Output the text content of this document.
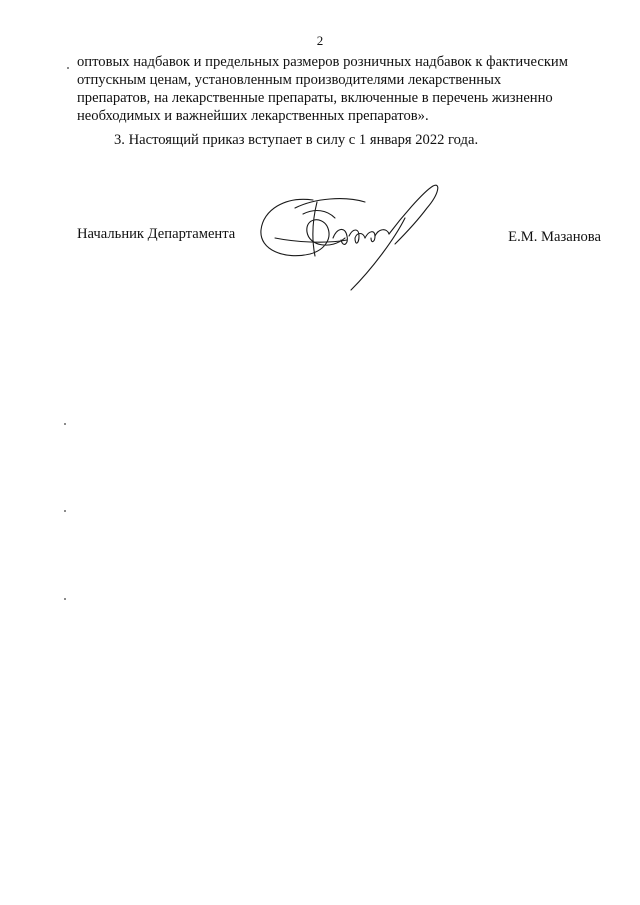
2

оптовых надбавок и предельных размеров розничных надбавок к фактическим
отпускным ценам, установленным производителями лекарственных
препаратов, на лекарственные препараты, включенные в перечень жизненно
необходимых и важнейших лекарственных препаратов».

3. Настоящий приказ вступает в силу с 1 января 2022 года.

Начальник Департамента	Е.М. Мазанова
